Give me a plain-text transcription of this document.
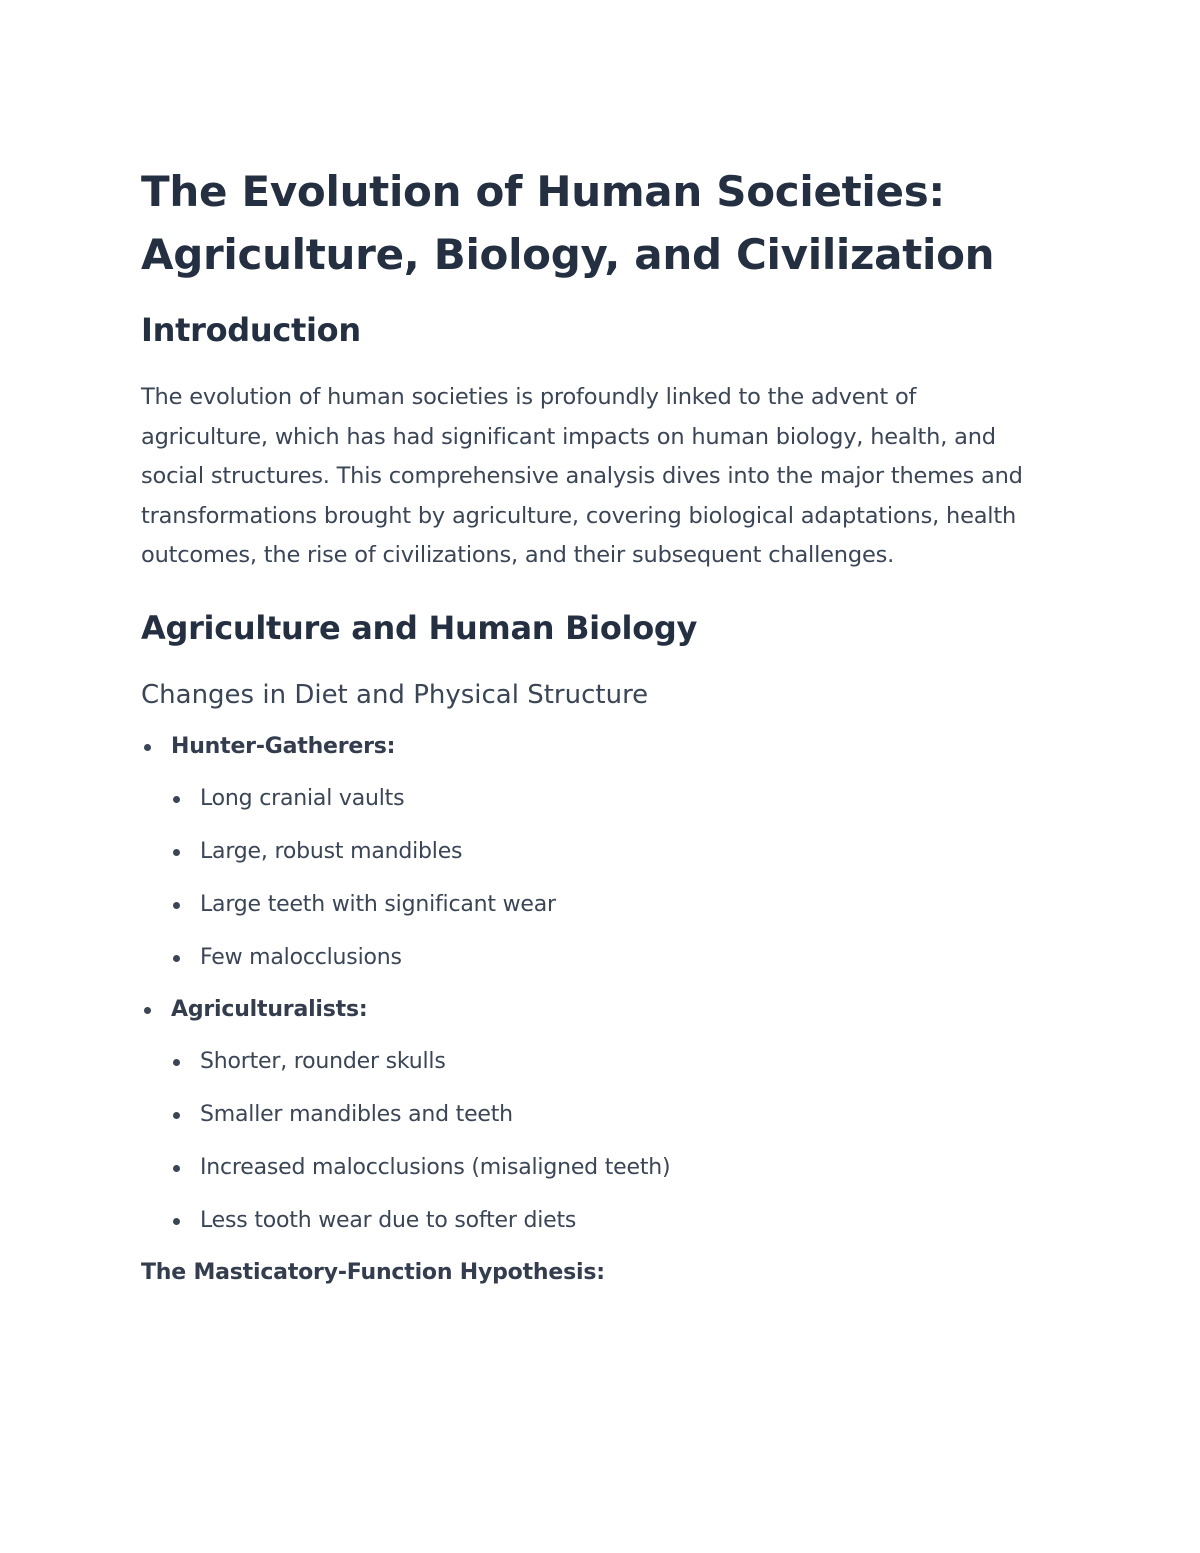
The Evolution of Human Societies:
Agriculture, Biology, and Civilization
Introduction

The evolution of human societies is profoundly linked to the advent of agriculture, which has had significant impacts on human biology, health, and social structures. This comprehensive analysis dives into the major themes and transformations brought by agriculture, covering biological adaptations, health outcomes, the rise of civilizations, and their subsequent challenges.

Agriculture and Human Biology
Changes in Diet and Physical Structure
Hunter-Gatherers:
Long cranial vaults
Large, robust mandibles
Large teeth with significant wear
Few malocclusions
Agriculturalists:
Shorter, rounder skulls
Smaller mandibles and teeth
Increased malocclusions (misaligned teeth)
Less tooth wear due to softer diets

The Masticatory-Function Hypothesis:
